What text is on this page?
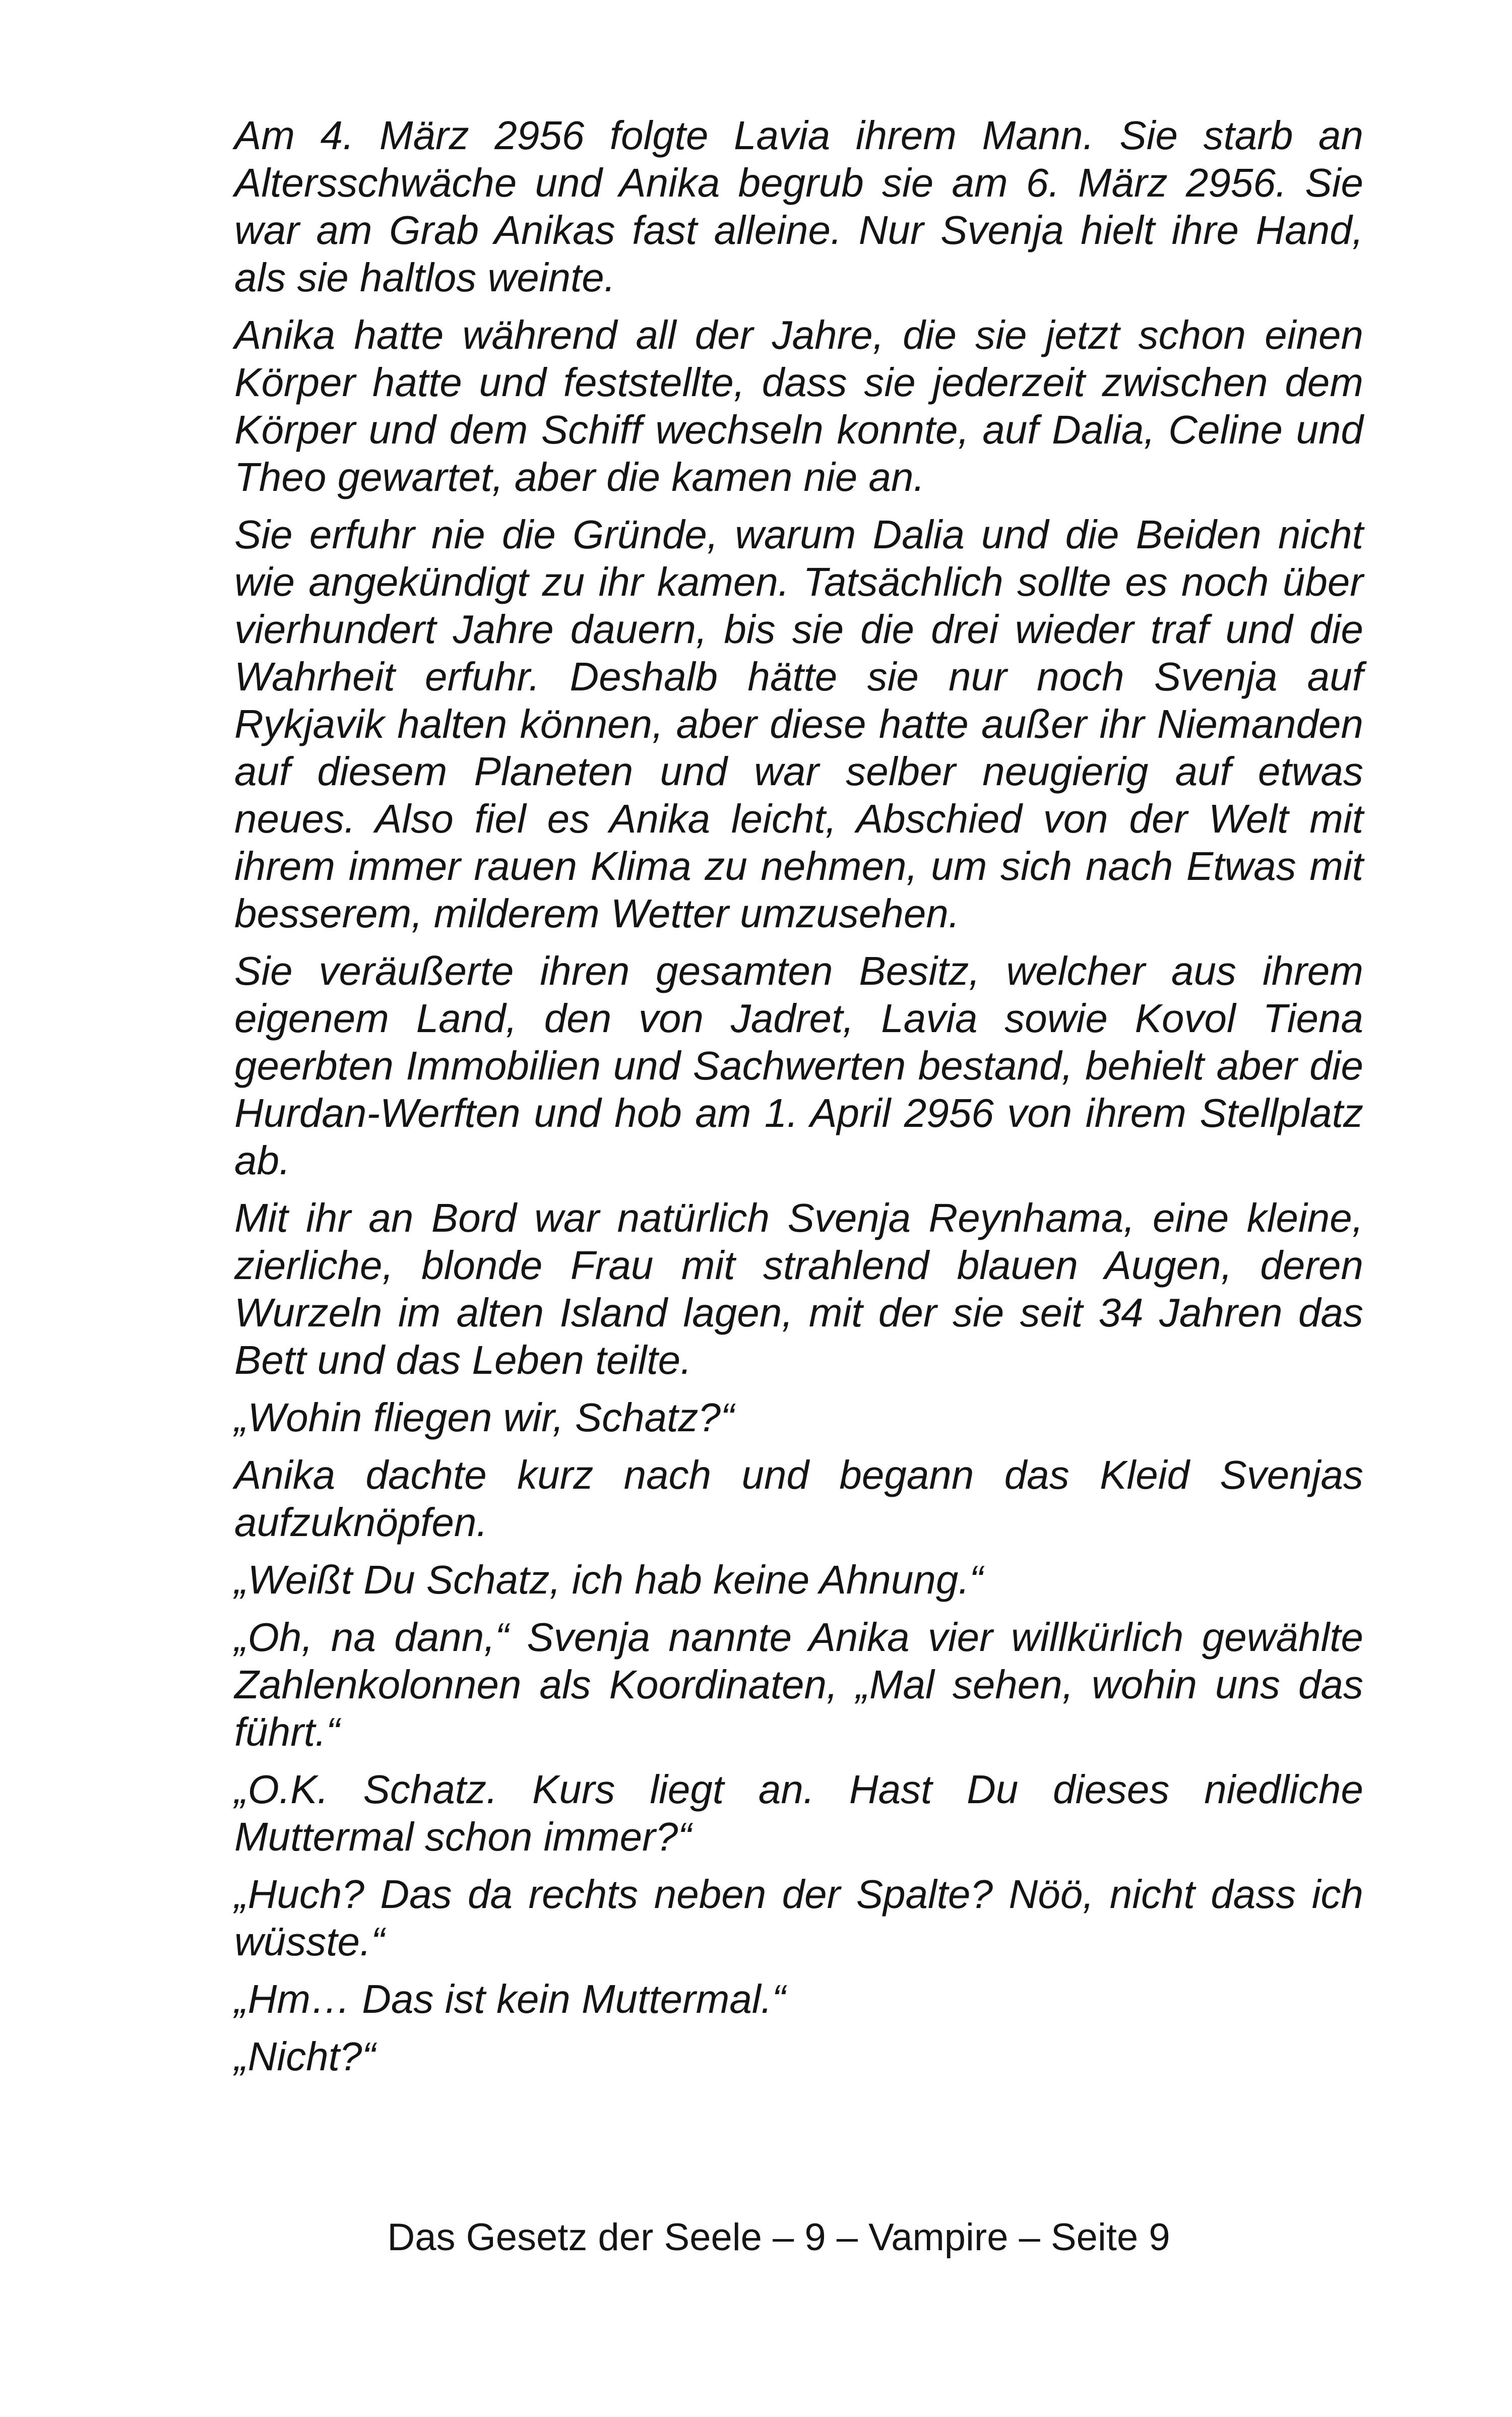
Am 4. März 2956 folgte Lavia ihrem Mann. Sie starb an Altersschwäche und Anika begrub sie am 6. März 2956. Sie war am Grab Anikas fast alleine. Nur Svenja hielt ihre Hand, als sie haltlos weinte.

Anika hatte während all der Jahre, die sie jetzt schon einen Körper hatte und feststellte, dass sie jederzeit zwischen dem Körper und dem Schiff wechseln konnte, auf Dalia, Celine und Theo gewartet, aber die kamen nie an.

Sie erfuhr nie die Gründe, warum Dalia und die Beiden nicht wie angekündigt zu ihr kamen. Tatsächlich sollte es noch über vierhundert Jahre dauern, bis sie die drei wieder traf und die Wahrheit erfuhr. Deshalb hätte sie nur noch Svenja auf Rykjavik halten können, aber diese hatte außer ihr Niemanden auf diesem Planeten und war selber neugierig auf etwas neues. Also fiel es Anika leicht, Abschied von der Welt mit ihrem immer rauen Klima zu nehmen, um sich nach Etwas mit besserem, milderem Wetter umzusehen.

Sie veräußerte ihren gesamten Besitz, welcher aus ihrem eigenem Land, den von Jadret, Lavia sowie Kovol Tiena geerbten Immobilien und Sachwerten bestand, behielt aber die Hurdan-Werften und hob am 1. April 2956 von ihrem Stellplatz ab.

Mit ihr an Bord war natürlich Svenja Reynhama, eine kleine, zierliche, blonde Frau mit strahlend blauen Augen, deren Wurzeln im alten Island lagen, mit der sie seit 34 Jahren das Bett und das Leben teilte.

„Wohin fliegen wir, Schatz?“

Anika dachte kurz nach und begann das Kleid Svenjas aufzuknöpfen.

„Weißt Du Schatz, ich hab keine Ahnung.“

„Oh, na dann,“ Svenja nannte Anika vier willkürlich gewählte Zahlenkolonnen als Koordinaten, „Mal sehen, wohin uns das führt.“

„O.K. Schatz. Kurs liegt an. Hast Du dieses niedliche Muttermal schon immer?“

„Huch? Das da rechts neben der Spalte? Nöö, nicht dass ich wüsste.“

„Hm… Das ist kein Muttermal.“

„Nicht?“

Das Gesetz der Seele – 9 – Vampire – Seite 9
